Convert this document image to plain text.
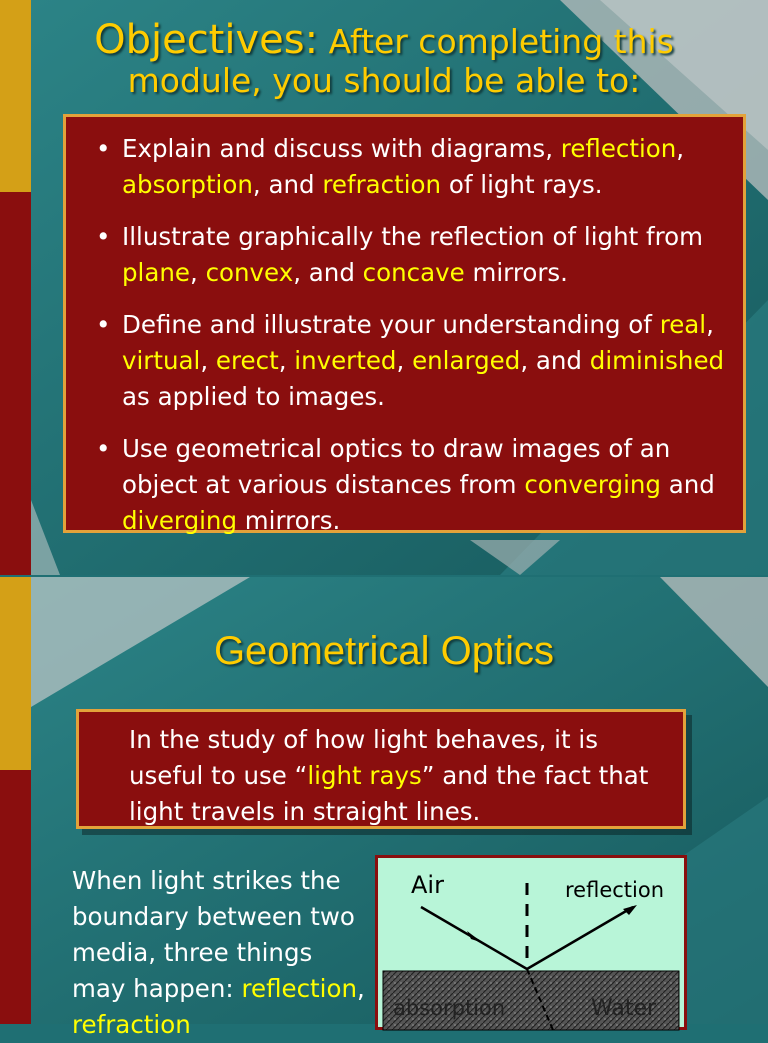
Objectives: After completing this
module, you should be able to:
• Explain and discuss with diagrams, reflection, absorption, and refraction of light rays.
• Illustrate graphically the reflection of light from plane, convex, and concave mirrors.
• Define and illustrate your understanding of real, virtual, erect, inverted, enlarged, and diminished as applied to images.
• Use geometrical optics to draw images of an object at various distances from converging and diverging mirrors.
Geometrical Optics
In the study of how light behaves, it is useful to use “light rays” and the fact that light travels in straight lines.
When light strikes the boundary between two media, three things may happen: reflection, refraction
Air	reflection
absorption	Water
